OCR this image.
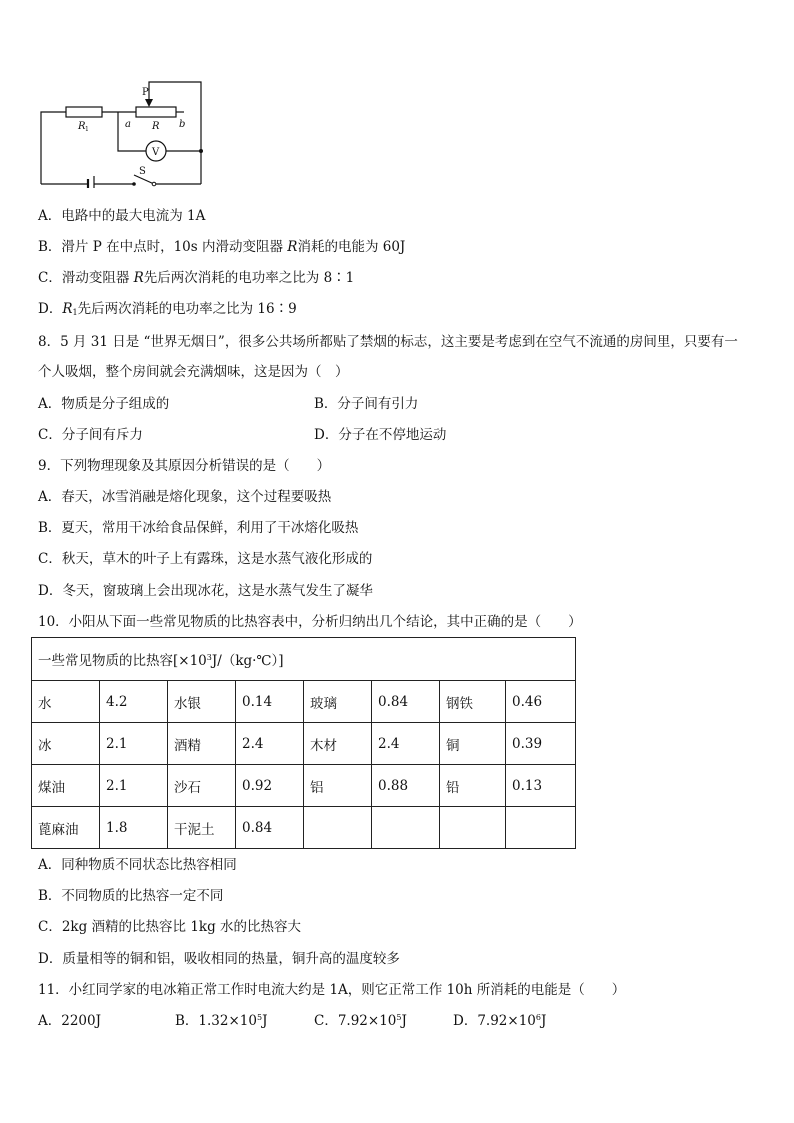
P
R 1	a R b
V
S
A．电路中的最大电流为 1A
B．滑片 P 在中点时，10s 内滑动变阻器 R消耗的电能为 60J
C．滑动变阻器 R先后两次消耗的电功率之比为 8∶1
D．$R_1$先后两次消耗的电功率之比为 16∶9
8．5 月 31 日是 “世界无烟日”，很多公共场所都贴了禁烟的标志，这主要是考虑到在空气不流通的房间里，只要有一
个人吸烟，整个房间就会充满烟味，这是因为（　）
A．物质是分子组成的	B．分子间有引力
C．分子间有斥力	D．分子在不停地运动
9．下列物理现象及其原因分析错误的是（　　）
A．春天，冰雪消融是熔化现象，这个过程要吸热
B．夏天，常用干冰给食品保鲜，利用了干冰熔化吸热
C．秋天，草木的叶子上有露珠，这是水蒸气液化形成的
D．冬天，窗玻璃上会出现冰花，这是水蒸气发生了凝华
10．小阳从下面一些常见物质的比热容表中，分析归纳出几个结论，其中正确的是（　　）
一些常见物质的比热容$[\times 10^3J/(kg\cdot℃)]$							
水	4.2	水银	0.14	玻璃	0.84	钢铁	0.46
冰	2.1	酒精	2.4	木材	2.4	铜	0.39
煤油	2.1	沙石	0.92	铝	0.88	铅	0.13
蓖麻油	1.8	干泥土	0.84				
A．同种物质不同状态比热容相同
B．不同物质的比热容一定不同
C．2kg 酒精的比热容比 1kg 水的比热容大
D．质量相等的铜和铝，吸收相同的热量，铜升高的温度较多
11．小红同学家的电冰箱正常工作时电流大约是 1A，则它正常工作 10h 所消耗的电能是（　　）
A．2200J	B．$1.32\times 10^5J$	C．$7.92\times 10^5J$	D．$7.92\times 10^6J$
